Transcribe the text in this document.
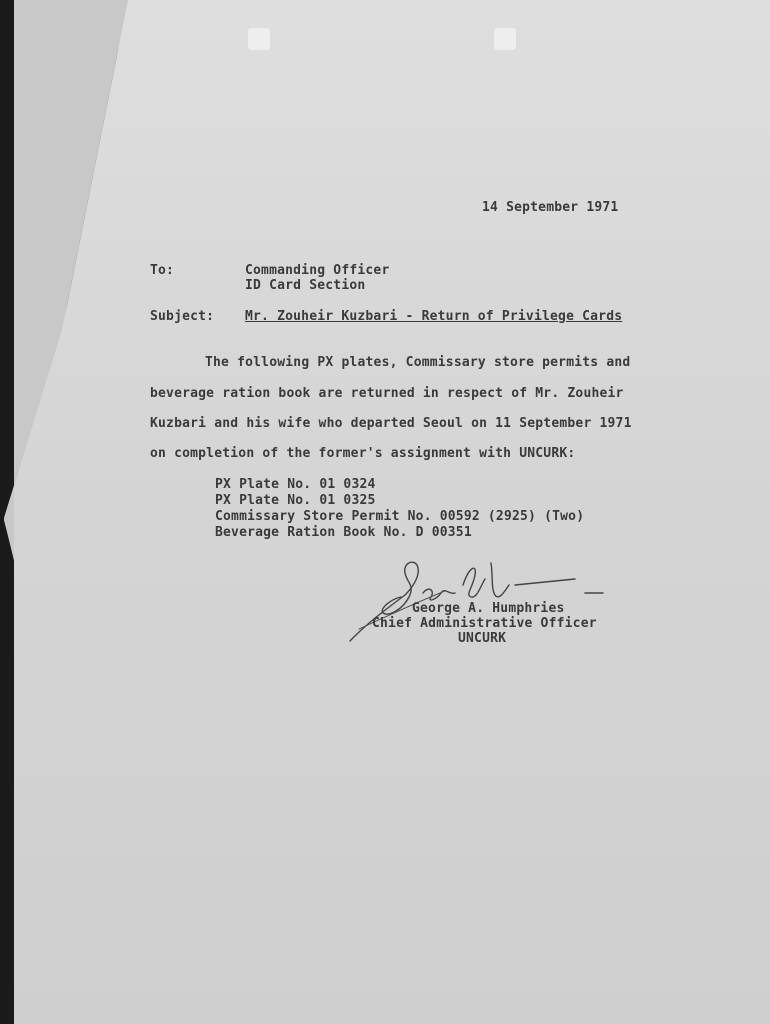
14 September 1971
To:	Commanding Officer
ID Card Section
Subject: Mr. Zouheir Kuzbari - Return of Privilege Cards
The following PX plates, Commissary store permits and
beverage ration book are returned in respect of Mr. Zouheir
Kuzbari and his wife who departed Seoul on 11 September 1971
on completion of the former's assignment with UNCURK:
PX Plate No. 01 0324
PX Plate No. 01 0325
Commissary Store Permit No. 00592 (2925) (Two)
Beverage Ration Book No. D 00351
George A. Humphries
Chief Administrative Officer
UNCURK
